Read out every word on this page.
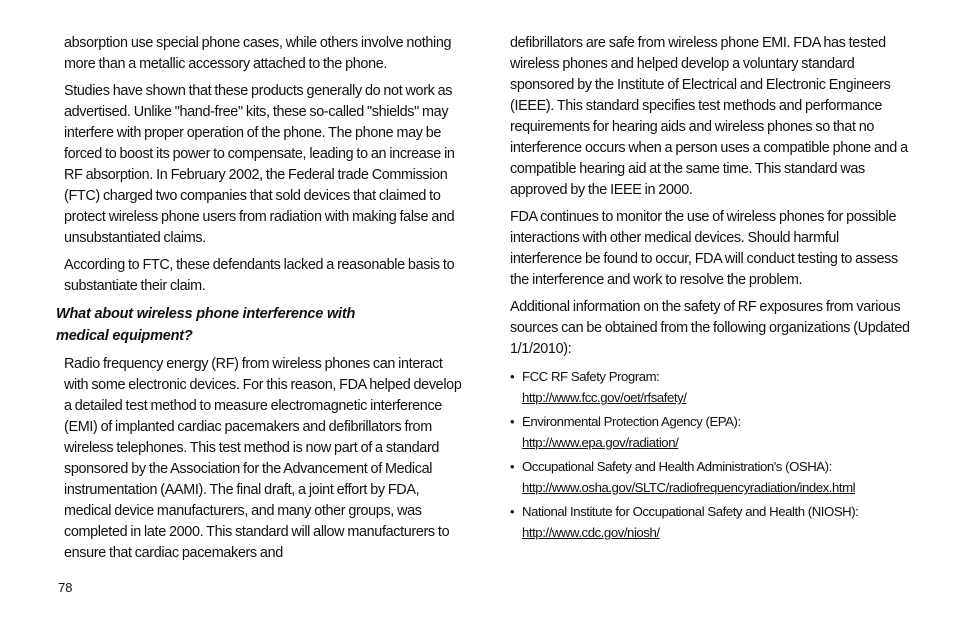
absorption use special phone cases, while others involve nothing more than a metallic accessory attached to the phone.

Studies have shown that these products generally do not work as advertised. Unlike "hand-free" kits, these so-called "shields" may interfere with proper operation of the phone. The phone may be forced to boost its power to compensate, leading to an increase in RF absorption. In February 2002, the Federal trade Commission (FTC) charged two companies that sold devices that claimed to protect wireless phone users from radiation with making false and unsubstantiated claims.

According to FTC, these defendants lacked a reasonable basis to substantiate their claim.

What about wireless phone interference with
medical equipment?

Radio frequency energy (RF) from wireless phones can interact with some electronic devices. For this reason, FDA helped develop a detailed test method to measure electromagnetic interference (EMI) of implanted cardiac pacemakers and defibrillators from wireless telephones. This test method is now part of a standard sponsored by the Association for the Advancement of Medical instrumentation (AAMI). The final draft, a joint effort by FDA, medical device manufacturers, and many other groups, was completed in late 2000. This standard will allow manufacturers to ensure that cardiac pacemakers and

defibrillators are safe from wireless phone EMI. FDA has tested wireless phones and helped develop a voluntary standard sponsored by the Institute of Electrical and Electronic Engineers (IEEE). This standard specifies test methods and performance requirements for hearing aids and wireless phones so that no interference occurs when a person uses a compatible phone and a compatible hearing aid at the same time. This standard was approved by the IEEE in 2000.

FDA continues to monitor the use of wireless phones for possible interactions with other medical devices. Should harmful interference be found to occur, FDA will conduct testing to assess the interference and work to resolve the problem.

Additional information on the safety of RF exposures from various sources can be obtained from the following organizations (Updated 1/1/2010):

• FCC RF Safety Program:
http://www.fcc.gov/oet/rfsafety/
• Environmental Protection Agency (EPA):
http://www.epa.gov/radiation/
• Occupational Safety and Health Administration's (OSHA):
http://www.osha.gov/SLTC/radiofrequencyradiation/index.html
• National Institute for Occupational Safety and Health (NIOSH):
http://www.cdc.gov/niosh/
78
